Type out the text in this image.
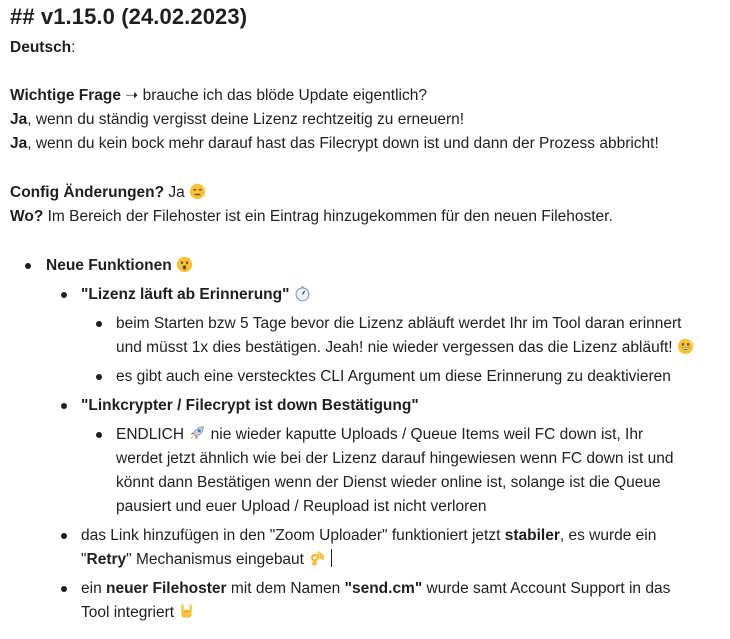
## v1.15.0 (24.02.2023)
Deutsch:
Wichtige Frage ➝ brauche ich das blöde Update eigentlich?
Ja, wenn du ständig vergisst deine Lizenz rechtzeitig zu erneuern!
Ja, wenn du kein bock mehr darauf hast das Filecrypt down ist und dann der Prozess abbricht!
Config Änderungen? Ja
Wo? Im Bereich der Filehoster ist ein Eintrag hinzugekommen für den neuen Filehoster.
Neue Funktionen
"Lizenz läuft ab Erinnerung"
beim Starten bzw 5 Tage bevor die Lizenz abläuft werdet Ihr im Tool daran erinnert
und müsst 1x dies bestätigen. Jeah! nie wieder vergessen das die Lizenz abläuft!
es gibt auch eine verstecktes CLI Argument um diese Erinnerung zu deaktivieren
"Linkcrypter / Filecrypt ist down Bestätigung"
ENDLICH  nie wieder kaputte Uploads / Queue Items weil FC down ist, Ihr
werdet jetzt ähnlich wie bei der Lizenz darauf hingewiesen wenn FC down ist und
könnt dann Bestätigen wenn der Dienst wieder online ist, solange ist die Queue
pausiert und euer Upload / Reupload ist nicht verloren
das Link hinzufügen in den "Zoom Uploader" funktioniert jetzt stabiler, es wurde ein
"Retry" Mechanismus eingebaut
ein neuer Filehoster mit dem Namen "send.cm" wurde samt Account Support in das
Tool integriert
